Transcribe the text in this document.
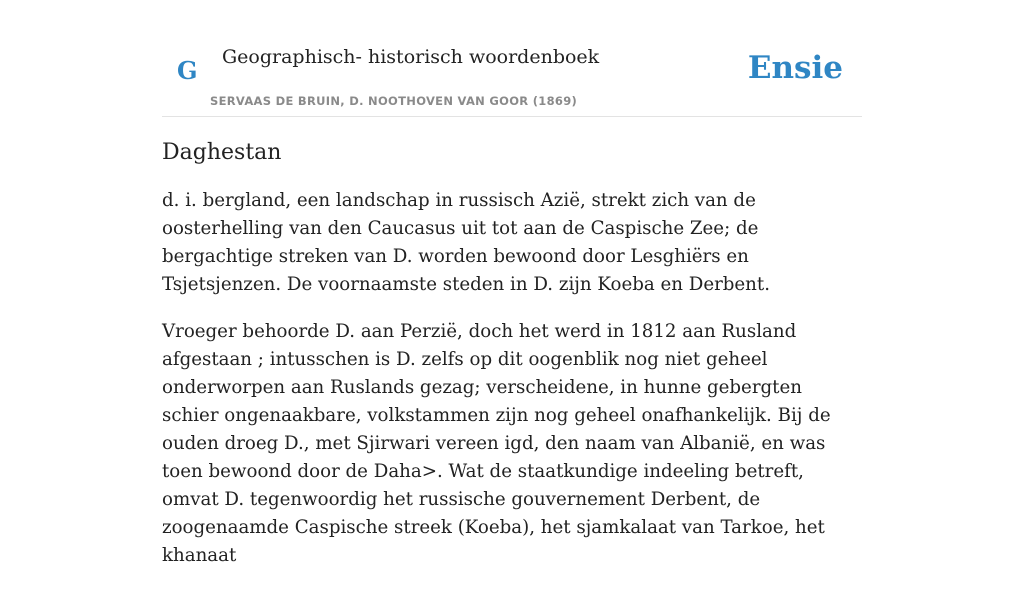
G Geographisch- historisch woordenboek
SERVAAS DE BRUIN, D. NOOTHOVEN VAN GOOR (1869)
Ensie
Daghestan

d. i. bergland, een landschap in russisch Azië, strekt zich van de oosterhelling van den Caucasus uit tot aan de Caspische Zee; de bergachtige streken van D. worden bewoond door Lesghiërs en Tsjetsjenzen. De voornaamste steden in D. zijn Koeba en Derbent.

Vroeger behoorde D. aan Perzië, doch het werd in 1812 aan Rusland afgestaan ; intusschen is D. zelfs op dit oogenblik nog niet geheel onderworpen aan Ruslands gezag; verscheidene, in hunne gebergten schier ongenaakbare, volkstammen zijn nog geheel onafhankelijk. Bij de ouden droeg D., met Sjirwari vereen igd, den naam van Albanië, en was toen bewoond door de Daha>. Wat de staatkundige indeeling betreft, omvat D. tegenwoordig het russische gouvernement Derbent, de zoogenaamde Caspische streek (Koeba), het sjamkalaat van Tarkoe, het khanaat
